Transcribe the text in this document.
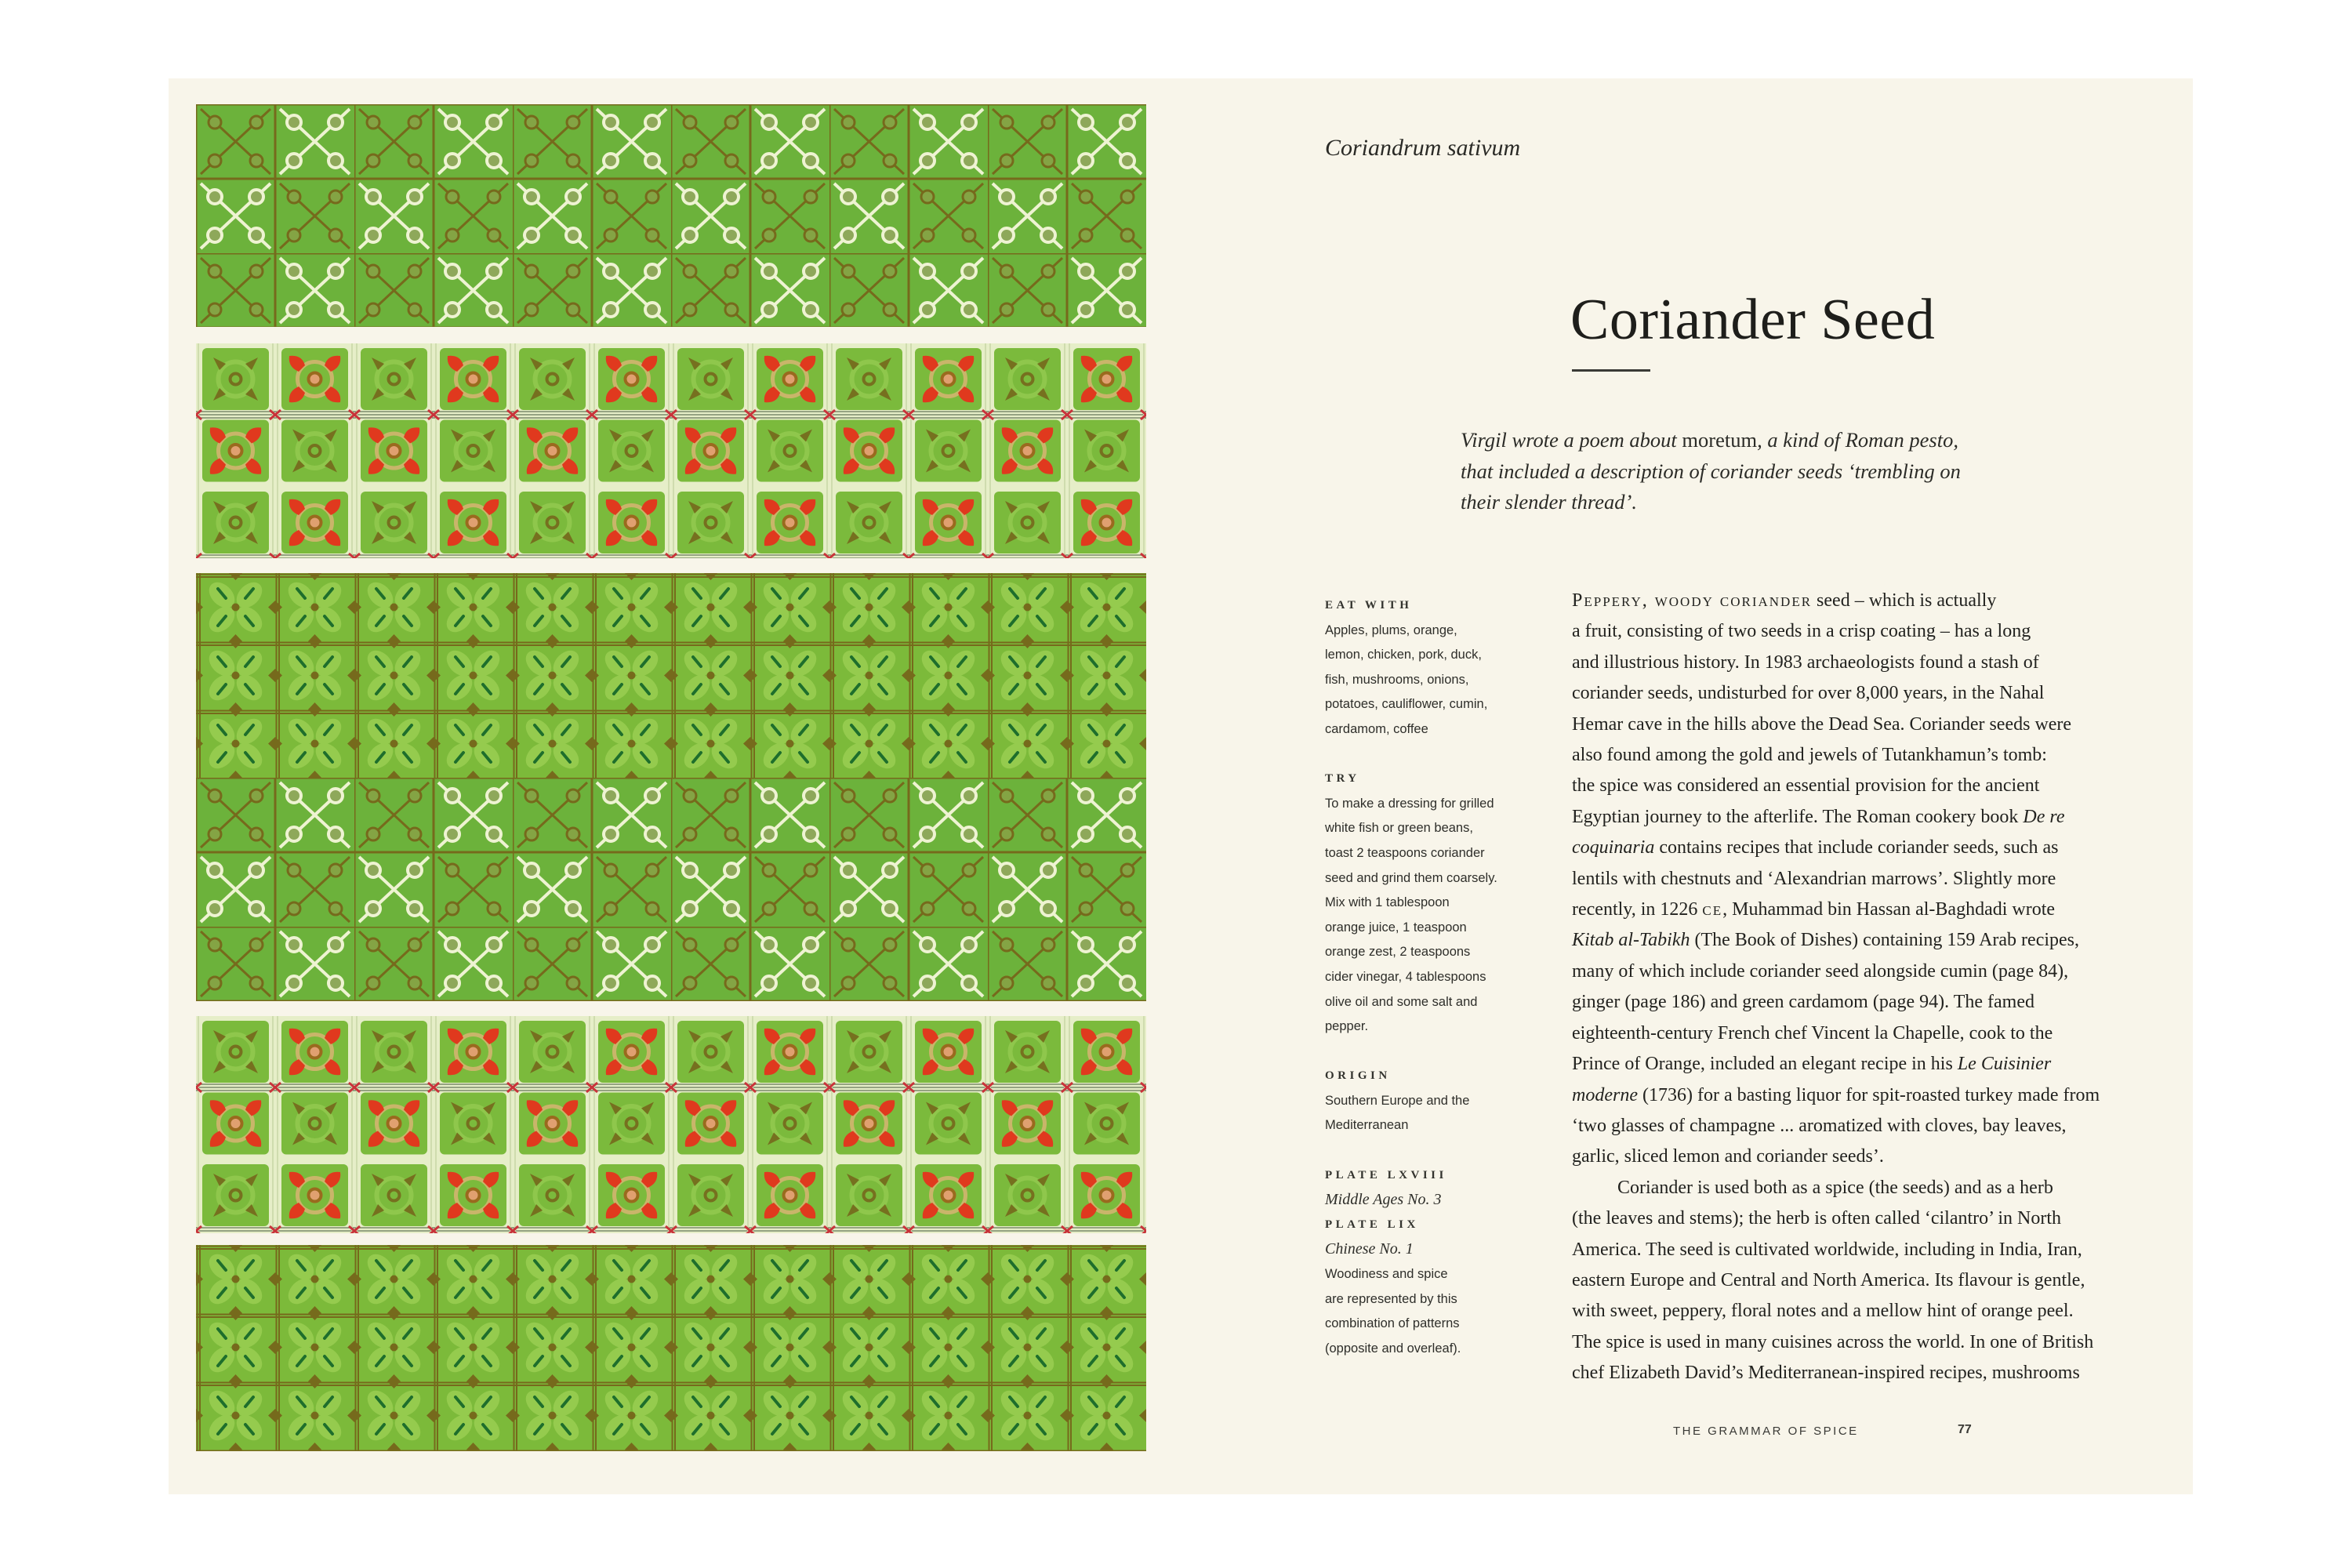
Coriandrum sativum
Coriander Seed
Virgil wrote a poem about moretum, a kind of Roman pesto,
that included a description of coriander seeds ‘trembling on
their slender thread’.
EAT WITH
Apples, plums, orange,
lemon, chicken, pork, duck,
fish, mushrooms, onions,
potatoes, cauliflower, cumin,
cardamom, coffee
TRY
To make a dressing for grilled
white fish or green beans,
toast 2 teaspoons coriander
seed and grind them coarsely.
Mix with 1 tablespoon
orange juice, 1 teaspoon
orange zest, 2 teaspoons
cider vinegar, 4 tablespoons
olive oil and some salt and
pepper.
ORIGIN
Southern Europe and the
Mediterranean
PLATE LXVIII
Middle Ages No. 3
PLATE LIX
Chinese No. 1
Woodiness and spice
are represented by this
combination of patterns
(opposite and overleaf).
Peppery, woody coriander seed – which is actually
a fruit, consisting of two seeds in a crisp coating – has a long
and illustrious history. In 1983 archaeologists found a stash of
coriander seeds, undisturbed for over 8,000 years, in the Nahal
Hemar cave in the hills above the Dead Sea. Coriander seeds were
also found among the gold and jewels of Tutankhamun’s tomb:
the spice was considered an essential provision for the ancient
Egyptian journey to the afterlife. The Roman cookery book De re
coquinaria contains recipes that include coriander seeds, such as
lentils with chestnuts and ‘Alexandrian marrows’. Slightly more
recently, in 1226 ce, Muhammad bin Hassan al-Baghdadi wrote
Kitab al-Tabikh (The Book of Dishes) containing 159 Arab recipes,
many of which include coriander seed alongside cumin (page 84),
ginger (page 186) and green cardamom (page 94). The famed
eighteenth-century French chef Vincent la Chapelle, cook to the
Prince of Orange, included an elegant recipe in his Le Cuisinier
moderne (1736) for a basting liquor for spit-roasted turkey made from
‘two glasses of champagne ... aromatized with cloves, bay leaves,
garlic, sliced lemon and coriander seeds’.
Coriander is used both as a spice (the seeds) and as a herb
(the leaves and stems); the herb is often called ‘cilantro’ in North
America. The seed is cultivated worldwide, including in India, Iran,
eastern Europe and Central and North America. Its flavour is gentle,
with sweet, peppery, floral notes and a mellow hint of orange peel.
The spice is used in many cuisines across the world. In one of British
chef Elizabeth David’s Mediterranean-inspired recipes, mushrooms
THE GRAMMAR OF SPICE	77
